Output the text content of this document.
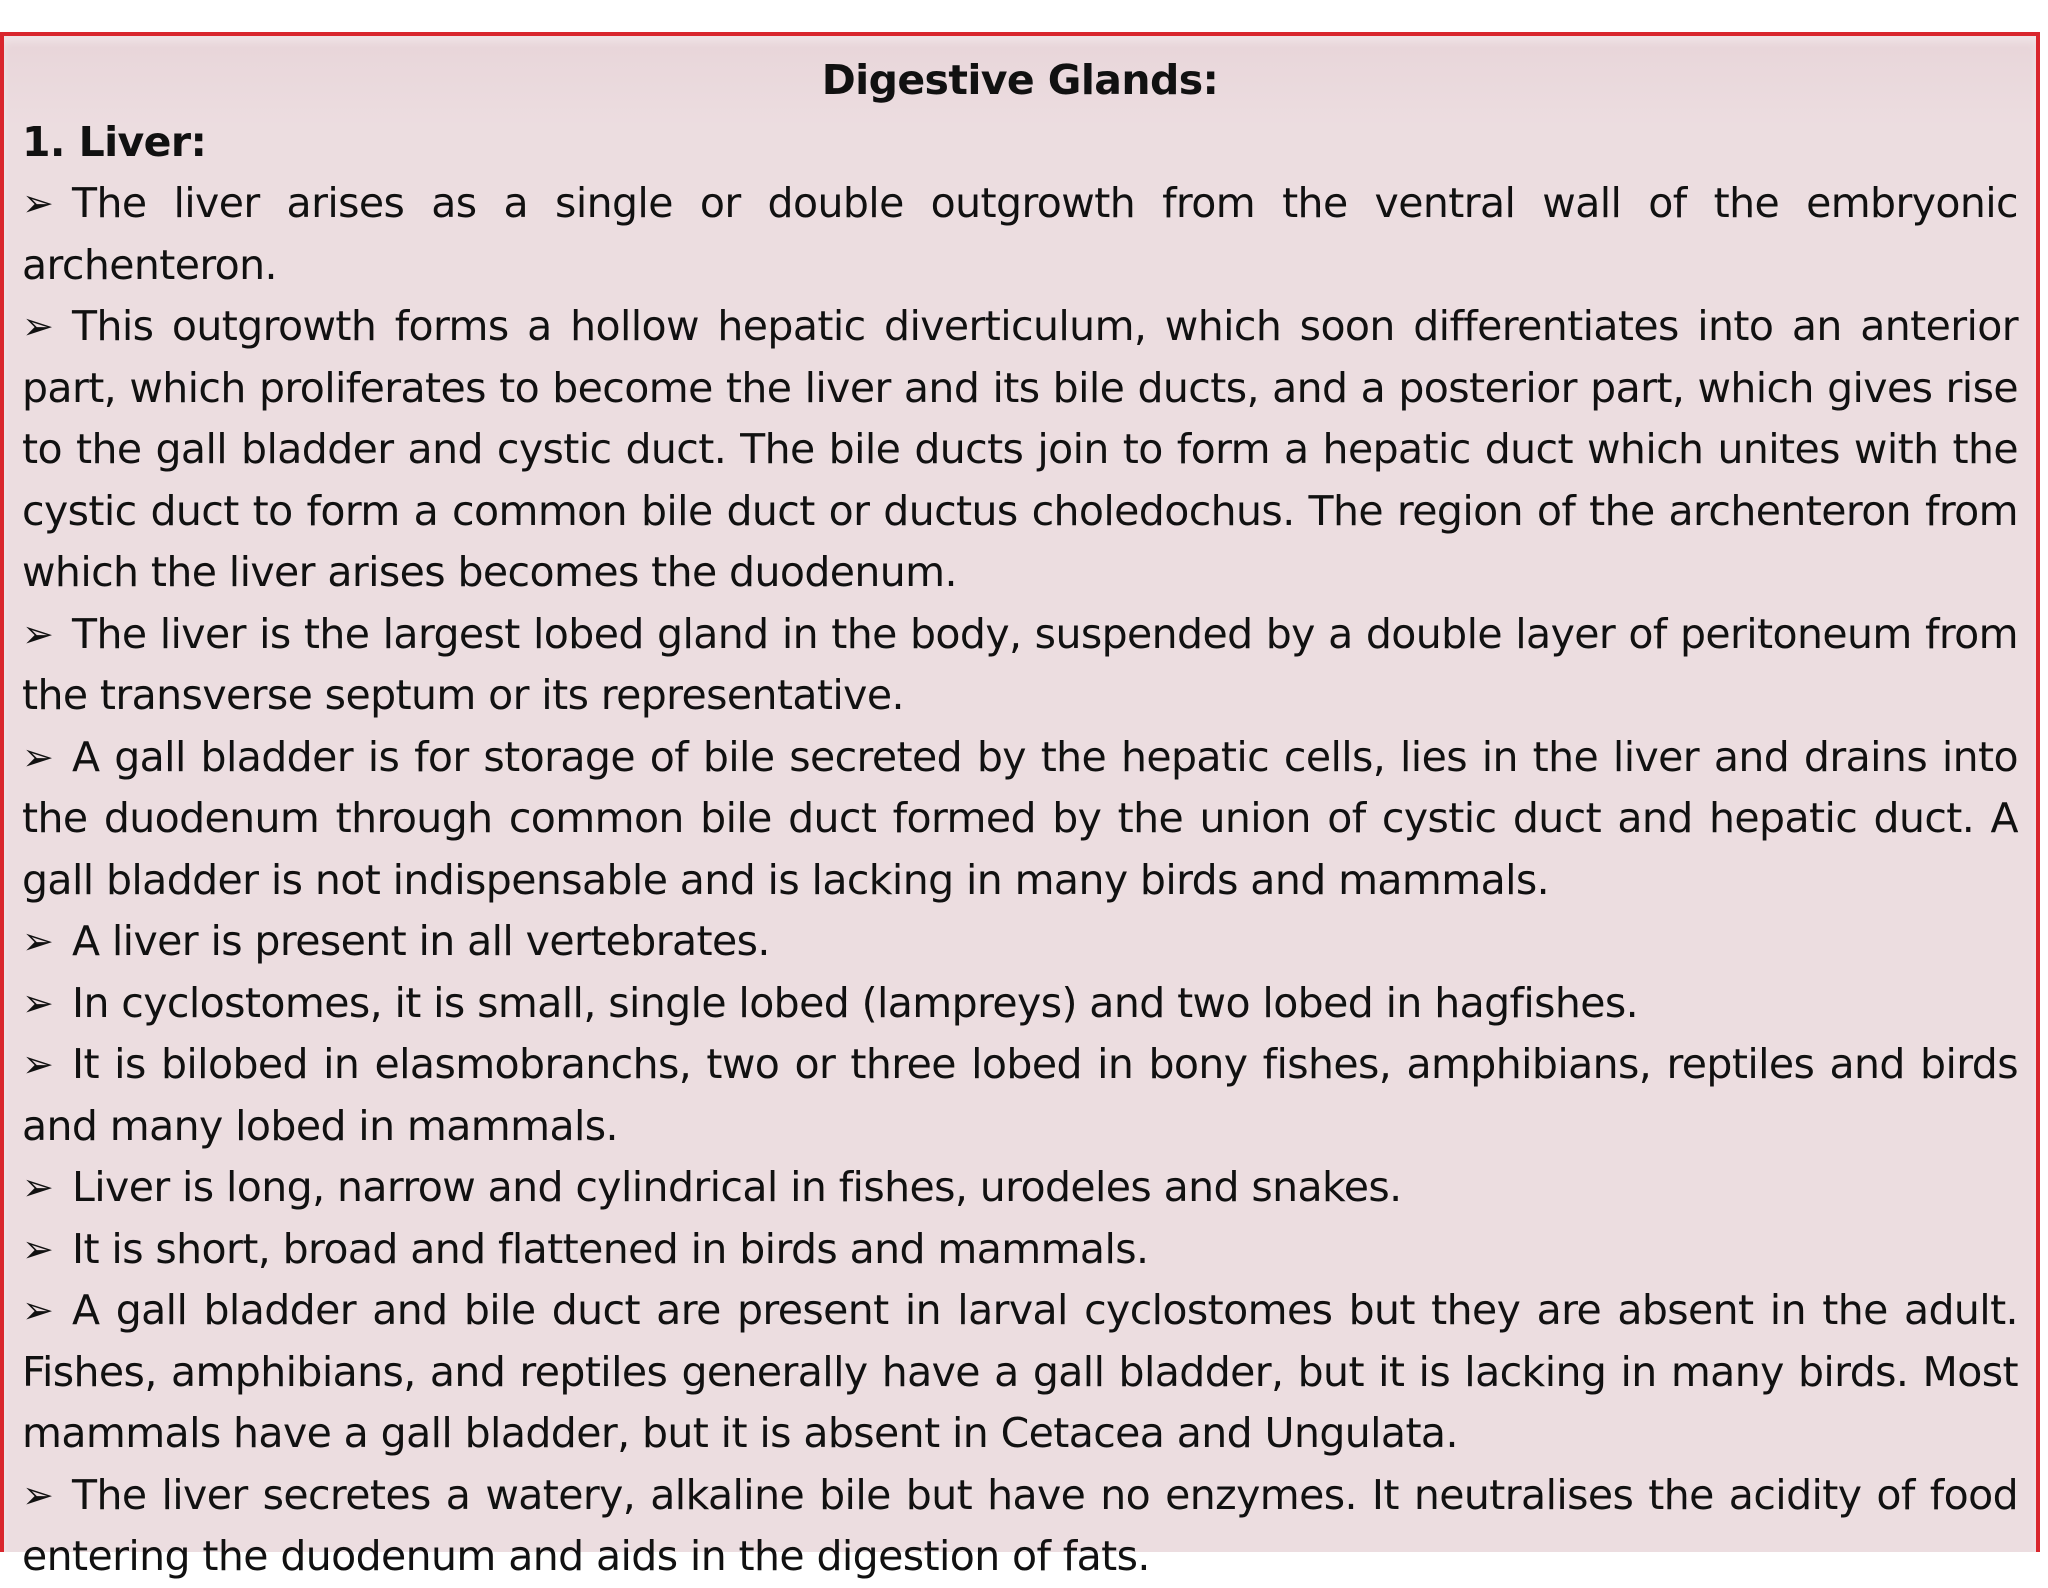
Digestive Glands:

1. Liver:

➢ The liver arises as a single or double outgrowth from the ventral wall of the embryonic archenteron.

➢ This outgrowth forms a hollow hepatic diverticulum, which soon differentiates into an anterior part, which proliferates to become the liver and its bile ducts, and a posterior part, which gives rise to the gall bladder and cystic duct. The bile ducts join to form a hepatic duct which unites with the cystic duct to form a common bile duct or ductus choledochus. The region of the archenteron from which the liver arises becomes the duodenum.

➢ The liver is the largest lobed gland in the body, suspended by a double layer of peritoneum from the transverse septum or its representative.

➢ A gall bladder is for storage of bile secreted by the hepatic cells, lies in the liver and drains into the duodenum through common bile duct formed by the union of cystic duct and hepatic duct. A gall bladder is not indispensable and is lacking in many birds and mammals.

➢ A liver is present in all vertebrates.

➢ In cyclostomes, it is small, single lobed (lampreys) and two lobed in hagfishes.

➢ It is bilobed in elasmobranchs, two or three lobed in bony fishes, amphibians, reptiles and birds and many lobed in mammals.

➢ Liver is long, narrow and cylindrical in fishes, urodeles and snakes.

➢ It is short, broad and flattened in birds and mammals.

➢ A gall bladder and bile duct are present in larval cyclostomes but they are absent in the adult. Fishes, amphibians, and reptiles generally have a gall bladder, but it is lacking in many birds. Most mammals have a gall bladder, but it is absent in Cetacea and Ungulata.

➢ The liver secretes a watery, alkaline bile but have no enzymes. It neutralises the acidity of food entering the duodenum and aids in the digestion of fats.
